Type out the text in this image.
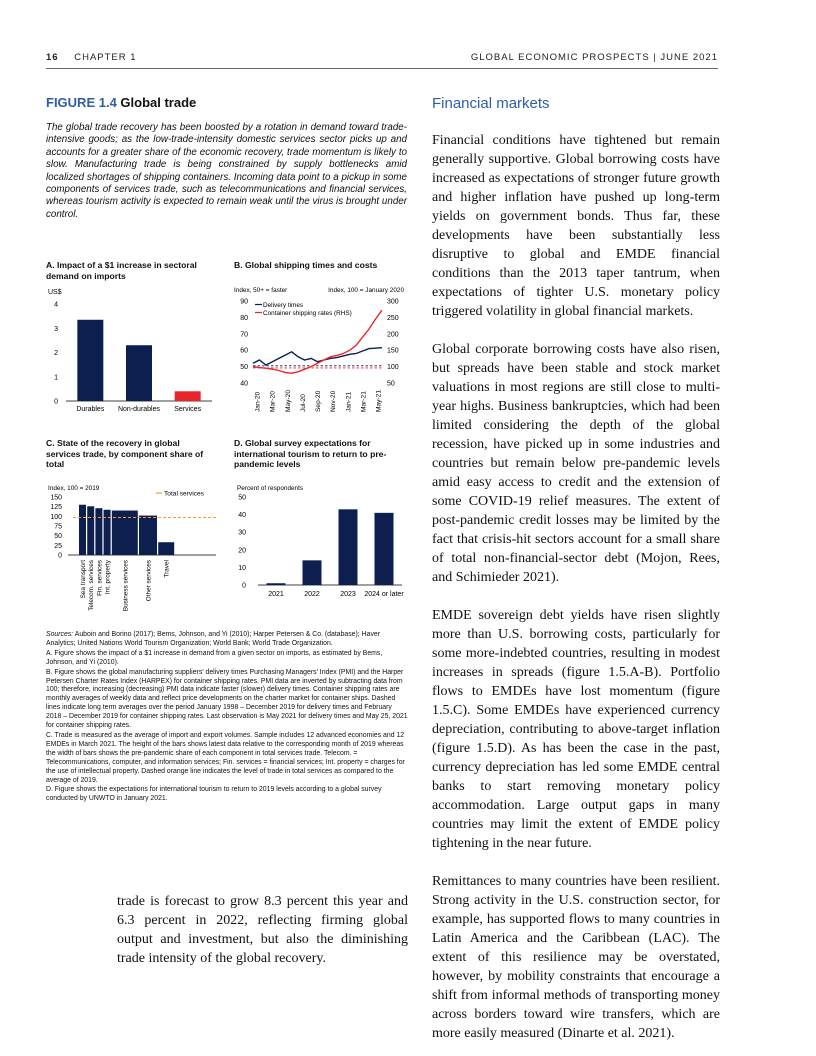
16 CHAPTER 1	GLOBAL ECONOMIC PROSPECTS | JUNE 2021
FIGURE 1.4 Global trade
The global trade recovery has been boosted by a rotation in demand toward trade-intensive goods; as the low-trade-intensity domestic services sector picks up and accounts for a greater share of the economic recovery, trade momentum is likely to slow. Manufacturing trade is being constrained by supply bottlenecks amid localized shortages of shipping containers. Incoming data point to a pickup in some components of services trade, such as telecommunications and financial services, whereas tourism activity is expected to remain weak until the virus is brought under control.
A. Impact of a $1 increase in sectoral demand on imports
B. Global shipping times and costs
C. State of the recovery in global services trade, by component share of total
D. Global survey expectations for international tourism to return to pre-pandemic levels
US$
0
1
2
3
4
Durables Non-durables Services
Index, 50+ = faster	Index, 100 = January 2020
40
50
60
70
80
90
50
100
150
200
250
300
Delivery times
Container shipping rates (RHS)
Jan-20 Mar-20 May-20 Jul-20 Sep-20 Nov-20 Jan-21 Mar-21 May-21
Index, 100 = 2019
0
25
50
75
100
125
150
Total services
Sea transport Telecom. services Fin. services Int. property Business services	Other services Travel
Percent of respondents
0
10
20
30
40
50
2021	2022	2023 2024 or later
Sources: Auboin and Borino (2017); Bems, Johnson, and Yi (2010); Harper Petersen & Co. (database); Haver Analytics; United Nations World Tourism Organization; World Bank; World Trade Organization.
A. Figure shows the impact of a $1 increase in demand from a given sector on imports, as estimated by Bems, Johnson, and Yi (2010).
B. Figure shows the global manufacturing suppliers' delivery times Purchasing Managers' Index (PMI) and the Harper Petersen Charter Rates Index (HARPEX) for container shipping rates. PMI data are inverted by subtracting data from 100; therefore, increasing (decreasing) PMI data indicate faster (slower) delivery times. Container shipping rates are monthly averages of weekly data and reflect price developments on the charter market for container ships. Dashed lines indicate long term averages over the period January 1998 – December 2019 for delivery times and February 2018 – December 2019 for container shipping rates. Last observation is May 2021 for delivery times and May 25, 2021 for container shipping rates.
C. Trade is measured as the average of import and export volumes. Sample includes 12 advanced economies and 12 EMDEs in March 2021. The height of the bars shows latest data relative to the corresponding month of 2019 whereas the width of bars shows the pre-pandemic share of each component in total services trade. Telecom. = Telecommunications, computer, and information services; Fin. services = financial services; Int. property = charges for the use of intellectual property. Dashed orange line indicates the level of trade in total services as compared to the average of 2019.
D. Figure shows the expectations for international tourism to return to 2019 levels according to a global survey conducted by UNWTO in January 2021.

trade is forecast to grow 8.3 percent this year and 6.3 percent in 2022, reflecting firming global output and investment, but also the diminishing trade intensity of the global recovery.

Financial markets

Financial conditions have tightened but remain generally supportive. Global borrowing costs have increased as expectations of stronger future growth and higher inflation have pushed up long-term yields on government bonds. Thus far, these developments have been substantially less disruptive to global and EMDE financial conditions than the 2013 taper tantrum, when expectations of tighter U.S. monetary policy triggered volatility in global financial markets.

Global corporate borrowing costs have also risen, but spreads have been stable and stock market valuations in most regions are still close to multi-year highs. Business bankruptcies, which had been limited considering the depth of the global recession, have picked up in some industries and countries but remain below pre-pandemic levels amid easy access to credit and the extension of some COVID-19 relief measures. The extent of post-pandemic credit losses may be limited by the fact that crisis-hit sectors account for a small share of total non-financial-sector debt (Mojon, Rees, and Schimieder 2021).

EMDE sovereign debt yields have risen slightly more than U.S. borrowing costs, particularly for some more-indebted countries, resulting in modest increases in spreads (figure 1.5.A-B). Portfolio flows to EMDEs have lost momentum (figure 1.5.C). Some EMDEs have experienced currency depreciation, contributing to above-target inflation (figure 1.5.D). As has been the case in the past, currency depreciation has led some EMDE central banks to start removing monetary policy accommodation. Large output gaps in many countries may limit the extent of EMDE policy tightening in the near future.

Remittances to many countries have been resilient. Strong activity in the U.S. construction sector, for example, has supported flows to many countries in Latin America and the Caribbean (LAC). The extent of this resilience may be overstated, however, by mobility constraints that encourage a shift from informal methods of transporting money across borders toward wire transfers, which are more easily measured (Dinarte et al. 2021).
